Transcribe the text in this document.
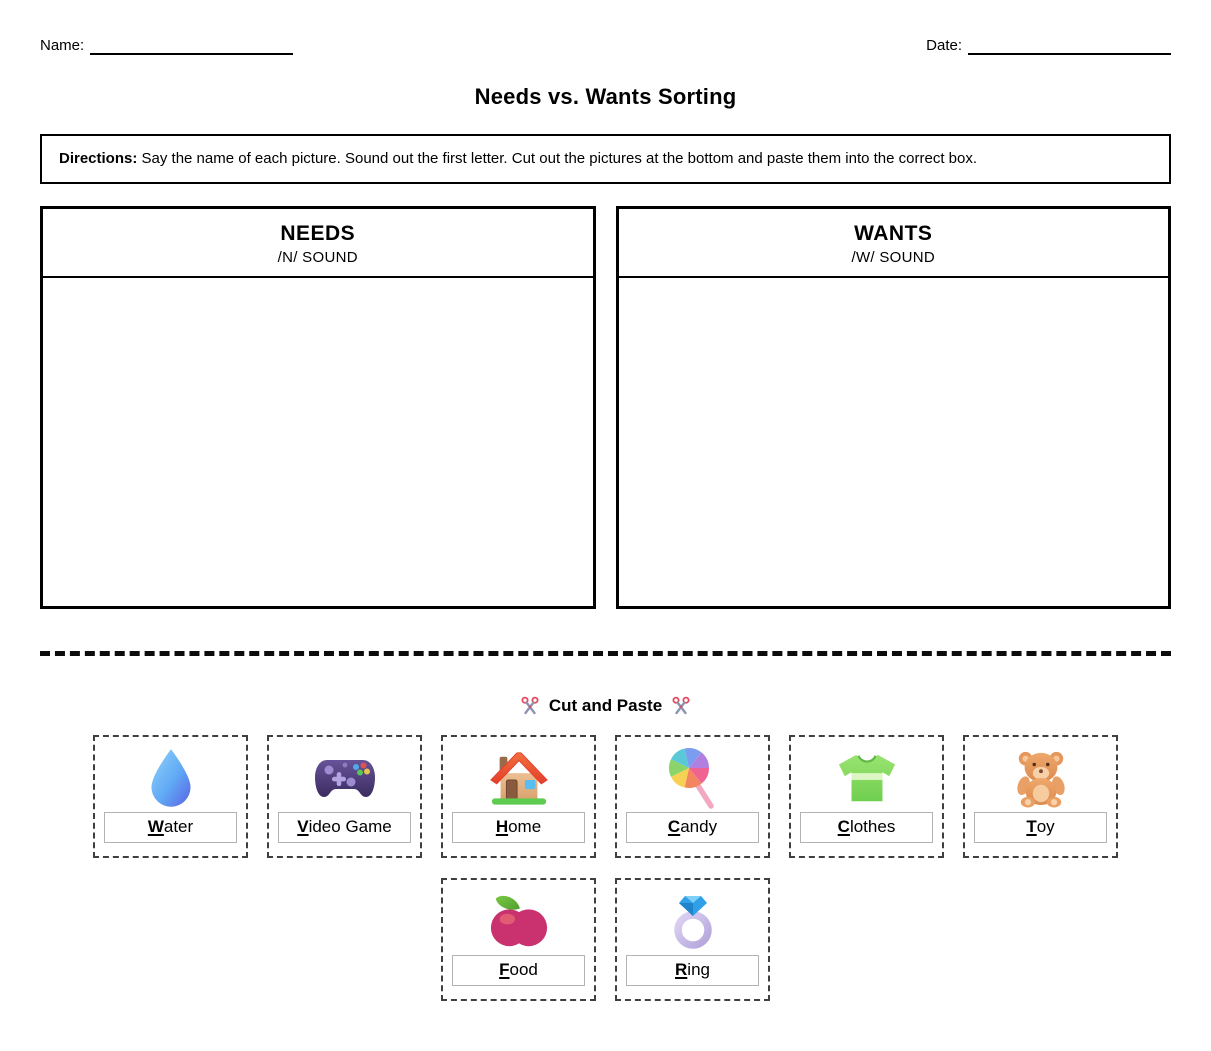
Name:	Date:
Needs vs. Wants Sorting
Directions: Say the name of each picture. Sound out the first letter. Cut out the pictures at the bottom and paste them into the correct box.
NEEDS
/N/ SOUND
WANTS
/W/ SOUND
Cut and Paste
Water	Video Game	Home	Candy	Clothes	Toy
Food	Ring
